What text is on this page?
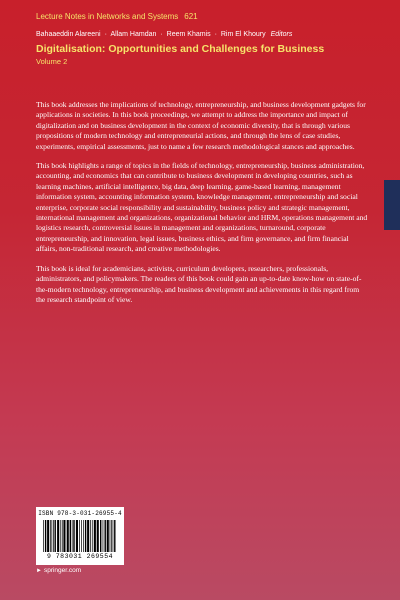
Lecture Notes in Networks and Systems 621
Bahaaeddin Alareeni · Allam Hamdan · Reem Khamis · Rim El Khoury Editors
Digitalisation: Opportunities and Challenges for Business
Volume 2

This book addresses the implications of technology, entrepreneurship, and business development gadgets for applications in societies. In this book proceedings, we attempt to address the importance and impact of digitalization and on business development in the context of economic diversity, that is through various propositions of modern technology and entrepreneurial actions, and through the lens of case studies, experiments, empirical assessments, just to name a few research methodological stances and approaches.

This book highlights a range of topics in the fields of technology, entrepreneurship, business administration, accounting, and economics that can contribute to business development in developing countries, such as learning machines, artificial intelligence, big data, deep learning, game-based learning, management information system, accounting information system, knowledge management, entrepreneurship and social enterprise, corporate social responsibility and sustainability, business policy and strategic management, international management and organizations, organizational behavior and HRM, operations management and logistics research, controversial issues in management and organizations, turnaround, corporate entrepreneurship, and innovation, legal issues, business ethics, and firm governance, and firm financial affairs, non-traditional research, and creative methodologies.

This book is ideal for academicians, activists, curriculum developers, researchers, professionals, administrators, and policymakers. The readers of this book could gain an up-to-date know-how on state-of-the-modern technology, entrepreneurship, and business development and achievements in this regard from the research standpoint of view.

ISBN 978-3-031-26955-4
9 783031 269554
► springer.com
